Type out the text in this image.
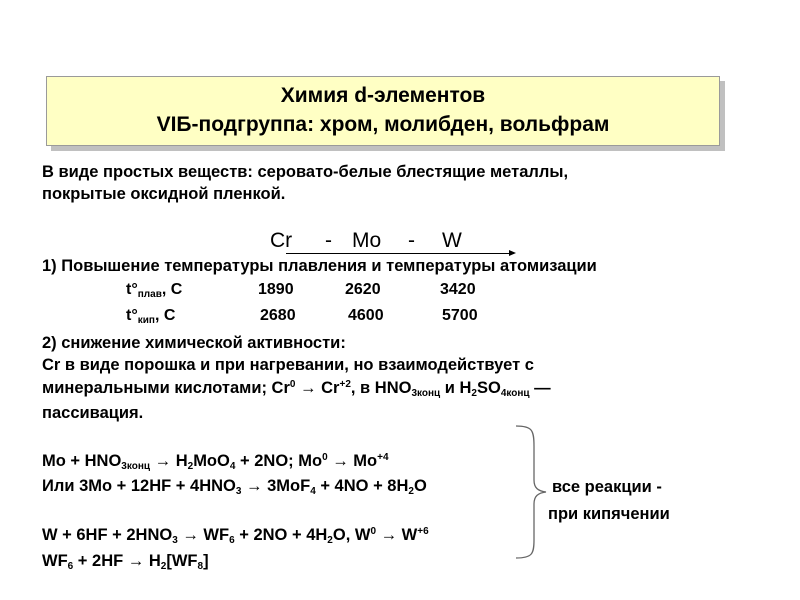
Химия d-элементов
VIБ-подгруппа: хром, молибден, вольфрам
В виде простых веществ: серовато-белые блестящие металлы,
покрытые оксидной пленкой.
Cr - Mo - W
1) Повышение температуры плавления и температуры атомизации
$t^\circ_{плав}$, C	1890	2620	3420
$t^\circ_{кип}$, C	2680	4600	5700
2) снижение химической активности:
Cr в виде порошка и при нагревании, но взаимодействует с
минеральными кислотами; $Cr^0 \to Cr^{+2}$, в $HNO_{3конц}$ и $H_2SO_{4конц}$ —
пассивация.
$Mo + HNO_{3конц} \to H_2MoO_4 + 2NO$; $Mo^0 \to Mo^{+4}$
Или $3Mo + 12HF + 4HNO_3 \to 3MoF_4 + 4NO + 8H_2O$
$W + 6HF + 2HNO_3 \to WF_6 + 2NO + 4H_2O$, $W^0 \to W^{+6}$
$WF_6 + 2HF \to H_2[WF_8]$
все реакции -
при кипячении
